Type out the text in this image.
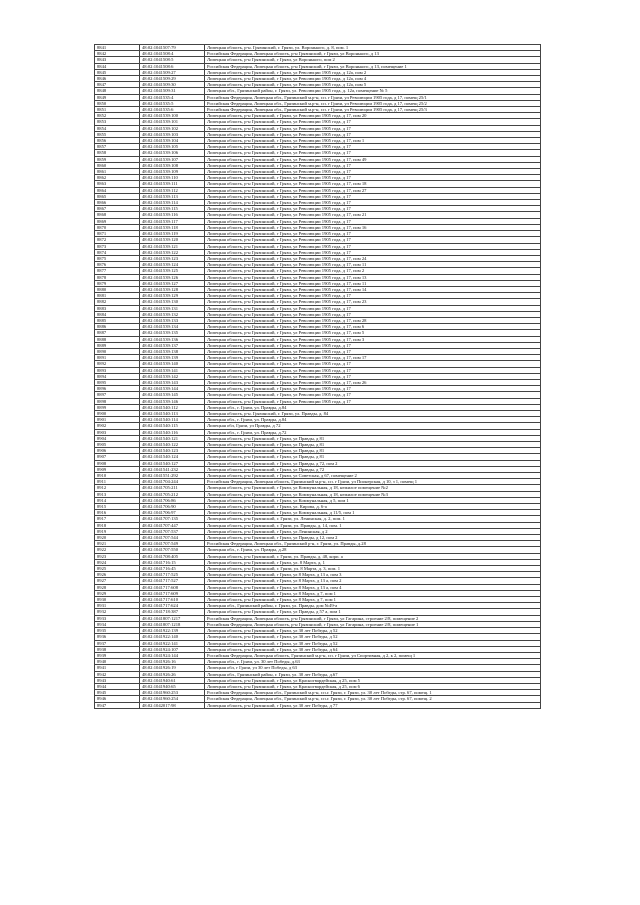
8841	48:02:1041507:79	Липецкая область, р-н. Грязинский, г. Грязи, ул. Воронького, д. 8, пом. 1
8842	48:02:1041508:4	Российская Федерация, Липецкая область, р-н Грязинский, г Грязи, ул Воронького, д 13
8843	48:02:1041508:5	Липецкая область, р-н Грязинский, г Грязи, ул Воронького, пом 2
8844	48:02:1041508:6	Российская Федерация, Липецкая область, р-н Грязинский, г Грязи, ул Воронького, д 13, помещение 1
8845	48:02:1041509:27	Липецкая область, р-н Грязинский, г Грязи, ул Революции 1905 года, д 12а, пом 2
8846	48:02:1041509:29	Липецкая область, р-н Грязинский, г Грязи, ул Революции 1905 года, д 12а, пом 4
8847	48:02:1041509:30	Липецкая область, р-н Грязинский, г Грязи, ул Революции 1905 года, д 12а, пом 5
8848	48:02:1041509:31	Липецкая обл., Грязинский район, г. Грязи, ул. Революции 1905 года, д. 12а, помещение № 5
8849	48:02:1041535:4	Российская Федерация, Липецкая обл., Грязинский м.р-н, г.п. г Грязи, ул Революции 1905 года, д 17, помещ 25/1
8850	48:02:1041535:5	Российская Федерация, Липецкая обл., Грязинский м.р-н, г.п. г Грязи, ул Революции 1905 года, д 17, помещ 25/2
8851	48:02:1041535:6	Российская Федерация, Липецкая обл., Грязинский м.р-н, г.п. г Грязи, ул Революции 1905 года, д 17, помещ 25/3
8852	48:02:1041539:100	Липецкая область, р-н Грязинский, г Грязи, ул Революции 1905 года, д 17, пом 20
8853	48:02:1041539:101	Липецкая область, р-н Грязинский, г Грязи, ул Революции 1905 года, д 17
8854	48:02:1041539:102	Липецкая область, р-н Грязинский, г Грязи, ул Революции 1905 года, д 17
8855	48:02:1041539:103	Липецкая область, р-н Грязинский, г Грязи, ул Революции 1905 года, д 17
8856	48:02:1041539:104	Липецкая область, р-н Грязинский, г Грязи, ул Революции 1905 года, д 17, пом 1
8857	48:02:1041539:105	Липецкая область, р-н Грязинский, г Грязи, ул Революции 1905 года, д 17
8858	48:02:1041539:106	Липецкая область, р-н Грязинский, г Грязи, ул Революции 1905 года, д 17
8859	48:02:1041539:107	Липецкая область, р-н Грязинский, г Грязи, ул Революции 1905 года, д 17, пом 49
8860	48:02:1041539:108	Липецкая область, р-н Грязинский, г Грязи, ул Революции 1905 года, д 17
8861	48:02:1041539:109	Липецкая область, р-н Грязинский, г Грязи, ул Революции 1905 года, д 17
8862	48:02:1041539:110	Липецкая область, р-н Грязинский, г Грязи, ул Революции 1905 года, д 17
8863	48:02:1041539:111	Липецкая область, р-н Грязинский, г Грязи, ул Революции 1905 года, д 17, пом 18
8864	48:02:1041539:112	Липецкая область, р-н Грязинский, г Грязи, ул Революции 1905 года, д 17, пом 27
8865	48:02:1041539:113	Липецкая область, р-н Грязинский, г Грязи, ул Революции 1905 года, д 17
8866	48:02:1041539:114	Липецкая область, р-н Грязинский, г Грязи, ул Революции 1905 года, д 17
8867	48:02:1041539:115	Липецкая область, р-н Грязинский, г Грязи, ул Революции 1905 года, д 17
8868	48:02:1041539:116	Липецкая область, р-н Грязинский, г Грязи, ул Революции 1905 года, д 17, пом 21
8869	48:02:1041539:117	Липецкая область, р-н Грязинский, г Грязи, ул Революции 1905 года, д 17
8870	48:02:1041539:118	Липецкая область, р-н Грязинский, г Грязи, ул Революции 1905 года, д 17, пом 16
8871	48:02:1041539:119	Липецкая область, р-н Грязинский, г Грязи, ул Революции 1905 года, д 17
8872	48:02:1041539:120	Липецкая область, р-н Грязинский, г Грязи, ул Революции 1905 года, д 17
8873	48:02:1041539:121	Липецкая область, р-н Грязинский, г Грязи, ул Революции 1905 года, д 17
8874	48:02:1041539:122	Липецкая область, р-н Грязинский, г Грязи, ул Революции 1905 года, д 17
8875	48:02:1041539:123	Липецкая область, р-н Грязинский, г Грязи, ул Революции 1905 года, д 17, пом 24
8876	48:02:1041539:124	Липецкая область, р-н Грязинский, г Грязи, ул Революции 1905 года, д 17, пом 11
8877	48:02:1041539:125	Липецкая область, р-н Грязинский, г Грязи, ул Революции 1905 года, д 17, пом 2
8878	48:02:1041539:126	Липецкая область, р-н Грязинский, г Грязи, ул Революции 1905 года, д 17, пом 13
8879	48:02:1041539:127	Липецкая область, р-н Грязинский, г Грязи, ул Революции 1905 года, д 17, пом 11
8880	48:02:1041539:128	Липецкая область, р-н Грязинский, г Грязи, ул Революции 1905 года, д 17, пом 14
8881	48:02:1041539:129	Липецкая область, р-н Грязинский, г Грязи, ул Революции 1905 года, д 17
8882	48:02:1041539:130	Липецкая область, р-н Грязинский, г Грязи, ул Революции 1905 года, д 17, пом 23
8883	48:02:1041539:131	Липецкая область, р-н Грязинский, г Грязи, ул Революции 1905 года, д 17
8884	48:02:1041539:132	Липецкая область, р-н Грязинский, г Грязи, ул Революции 1905 года, д 17
8885	48:02:1041539:133	Липецкая область, р-н Грязинский, г Грязи, ул Революции 1905 года, д 17, пом 28
8886	48:02:1041539:134	Липецкая область, р-н Грязинский, г Грязи, ул Революции 1905 года, д 17, пом 6
8887	48:02:1041539:135	Липецкая область, р-н Грязинский, г Грязи, ул Революции 1905 года, д 17, пом 5
8888	48:02:1041539:136	Липецкая область, р-н Грязинский, г Грязи, ул Революции 1905 года, д 17, пом 3
8889	48:02:1041539:137	Липецкая область, р-н Грязинский, г Грязи, ул Революции 1905 года, д 17
8890	48:02:1041539:138	Липецкая область, р-н Грязинский, г Грязи, ул Революции 1905 года, д 17
8891	48:02:1041539:139	Липецкая область, р-н Грязинский, г Грязи, ул Революции 1905 года, д 17, пом 17
8892	48:02:1041539:140	Липецкая область, р-н Грязинский, г Грязи, ул Революции 1905 года, д 17
8893	48:02:1041539:141	Липецкая область, р-н Грязинский, г Грязи, ул Революции 1905 года, д 17
8894	48:02:1041539:142	Липецкая область, р-н Грязинский, г Грязи, ул Революции 1905 года, д 17
8895	48:02:1041539:143	Липецкая область, р-н Грязинский, г Грязи, ул Революции 1905 года, д 17, пом 26
8896	48:02:1041539:144	Липецкая область, р-н Грязинский, г Грязи, ул Революции 1905 года, д 17
8897	48:02:1041539:145	Липецкая область, р-н Грязинский, г Грязи, ул Революции 1905 года, д 17
8898	48:02:1041539:146	Липецкая область, р-н Грязинский, г Грязи, ул Революции 1905 года, д 17
8899	48:02:1041540:112	Липецкая обл., г. Грязи, ул. Правды, д.84
8900	48:02:1041540:113	Липецкая область, р-н. Грязинский, г. Грязи, ул. Правды, д. 84
8901	48:02:1041540:114	Липецкая обл., г. Грязи, ул. Правды, д.84
8902	48:02:1041540:115	Липецкая обл, Грязи, ул Правды, д 72
8903	48:02:1041540:116	Липецкая обл., г. Грязи, ул. Правды, д.72
8904	48:02:1041540:121	Липецкая область, р-н Грязинский, г Грязи, ул Правды, д 81
8905	48:02:1041540:122	Липецкая область, р-н Грязинский, г Грязи, ул Правды, д 81
8906	48:02:1041540:123	Липецкая область, р-н Грязинский, г Грязи, ул Правды, д 81
8907	48:02:1041540:124	Липецкая область, р-н Грязинский, г Грязи, ул Правды, д 81
8908	48:02:1041540:127	Липецкая область, р-н Грязинский, г Грязи, ул Правды, д 72, пом 2
8909	48:02:1041541:232	Липецкая область, р-н Грязинский, г Грязи, ул Правды, д 72
8910	48:02:1041551:292	Липецкая область, р-н Грязинский, г Грязи, ул Советская, д 67, помещение 2
8911	48:02:1041704:244	Российская Федерация, Липецкая область, Грязинский м.р-н, г.п. г Грязи, ул Пионерская, д 10, з 1, помещ 1
8912	48:02:1041705:211	Липецкая область, р-н Грязинский, г Грязи, ул Коммунальная, д 18, нежилое помещение №2
8913	48:02:1041705:212	Липецкая область, р-н Грязинский, г Грязи, ул Коммунальная, д 18, нежилое помещение №3
8914	48:02:1041706:86	Липецкая область, р-н Грязинский, г Грязи, ул Коммунальная, д 5, пом 1
8915	48:02:1041706:90	Липецкая область, р-н Грязинский, г Грязи, ул. Кирова, д. 6-а
8916	48:02:1041706:97	Липецкая область, р-н Грязинский, г Грязи, ул Коммунальная, д 11/5, пом 1
8917	48:02:1041707:135	Липецкая область, р-н Грязинский, г. Грязи, ул. Ленинская, д. 2, пом. 1
8918	48:02:1041707:447	Липецкая область, р-н Грязинский, г. Грязи, ул. Правды, д. 14, пом. 1
8919	48:02:1041707:537	Липецкая область, р-н Грязинский, г Грязи, ул Ленинская, д 2
8920	48:02:1041707:544	Липецкая область, р-н Грязинский, г Грязи, ул Правды, д 12, пом 2
8921	48:02:1041707:549	Российская Федерация, Липецкая обл., Грязинский р-н, г. Грязи, ул. Правды, д.28
8922	48:02:1041707:550	Липецкая обл., г. Грязи, ул. Правды, д.28
8923	48:02:1041708:405	Липецкая область, р-н Грязинский, г. Грязи, ул. Правды, д. 48, корп. а
8924	48:02:1041716:15	Липецкая область, р-н Грязинский, г Грязи, ул. 8 Марта, д. 1
8925	48:02:1041716:45	Липецкая область, р-н Грязинский, г. Грязи, ул. 8 Марта, д. 3, пом. 1
8926	48:02:1041717:525	Липецкая область, р-н Грязинский, г Грязи, ул 8 Марта, д 13 а, пом 3
8927	48:02:1041717:527	Липецкая область, р-н Грязинский, г Грязи, ул 8 Марта, д 13 а, пом 2
8928	48:02:1041717:608	Липецкая область, р-н Грязинский, г Грязи, ул 8 Марта, д 13 а, пом 4
8929	48:02:1041717:609	Липецкая область, р-н Грязинский, г Грязи, ул 8 Марта, д 7, пом 1
8930	48:02:1041717:610	Липецкая область, р-н Грязинский, г Грязи, ул 8 Марта, д 7, пом 1
8931	48:02:1041717:624	Липецкая обл., Грязинский район, г. Грязи, ул. Правды, дом №49-а
8932	48:02:1041718:387	Липецкая область, р-н Грязинский, г Грязи, ул Правды, д 57 а, пом 1
8933	48:02:1041807:1217	Российская Федерация, Липецкая область, р-н Грязинский, г Грязи, ул Гагарина, строение 2/8, помещение 2
8934	48:02:1041807:1218	Российская Федерация, Липецкая область, р-н Грязинский, г Грязи, ул Гагарина, строение 2/8, помещение 1
8935	48:02:1041922:139	Липецкая область, р-н Грязинский, г Грязи, ул 30 лет Победы, д 52
8936	48:02:1041922:140	Липецкая область, р-н Грязинский, г Грязи, ул 30 лет Победы, д 52
8937	48:02:1041922:141	Липецкая область, р-н Грязинский, г Грязи, ул 30 лет Победы, д 52
8938	48:02:1041924:107	Липецкая область, р-н Грязинский, г Грязи, ул 30 лет Победы, д 64
8939	48:02:1041924:144	Российская Федерация, Липецкая область, Грязинский м.р-н, г.п. г Грязи, ул Спортивная, д 2, к 2, помещ 1
8940	48:02:1041926:16	Липецкая обл., г. Грязи, ул. 30 лет Победы, д.63
8941	48:02:1041926:19	Липецкая обл, г Грязи, ул 30 лет Победы, д 63
8942	48:02:1041926:26	Липецкая обл., Грязинский район, г. Грязи, ул. 30 лет Победы, д.67
8943	48:02:1041940:61	Липецкая область, р-н Грязинский, г Грязи, ул Красногвардейская, д 25, пом 5
8944	48:02:1041940:65	Липецкая область, р-н Грязинский, г Грязи, ул Красногвардейская, д 25, пом 6
8945	48:02:1041960:253	Российская Федерация, Липецкая обл., Грязинский м.р-н, г.п.г. Грязи, г. Грязи, ул. 30 лет Победы, стр. 67, помещ. 1
8946	48:02:1041960:254	Российская Федерация, Липецкая обл., Грязинский м.р-н, г.п.г. Грязи, г. Грязи, ул. 30 лет Победы, стр. 67, помещ. 2
8947	48:02:1042017:98	Липецкая область, р-н Грязинский, г Грязи, ул 30 лет Победы, д 77
